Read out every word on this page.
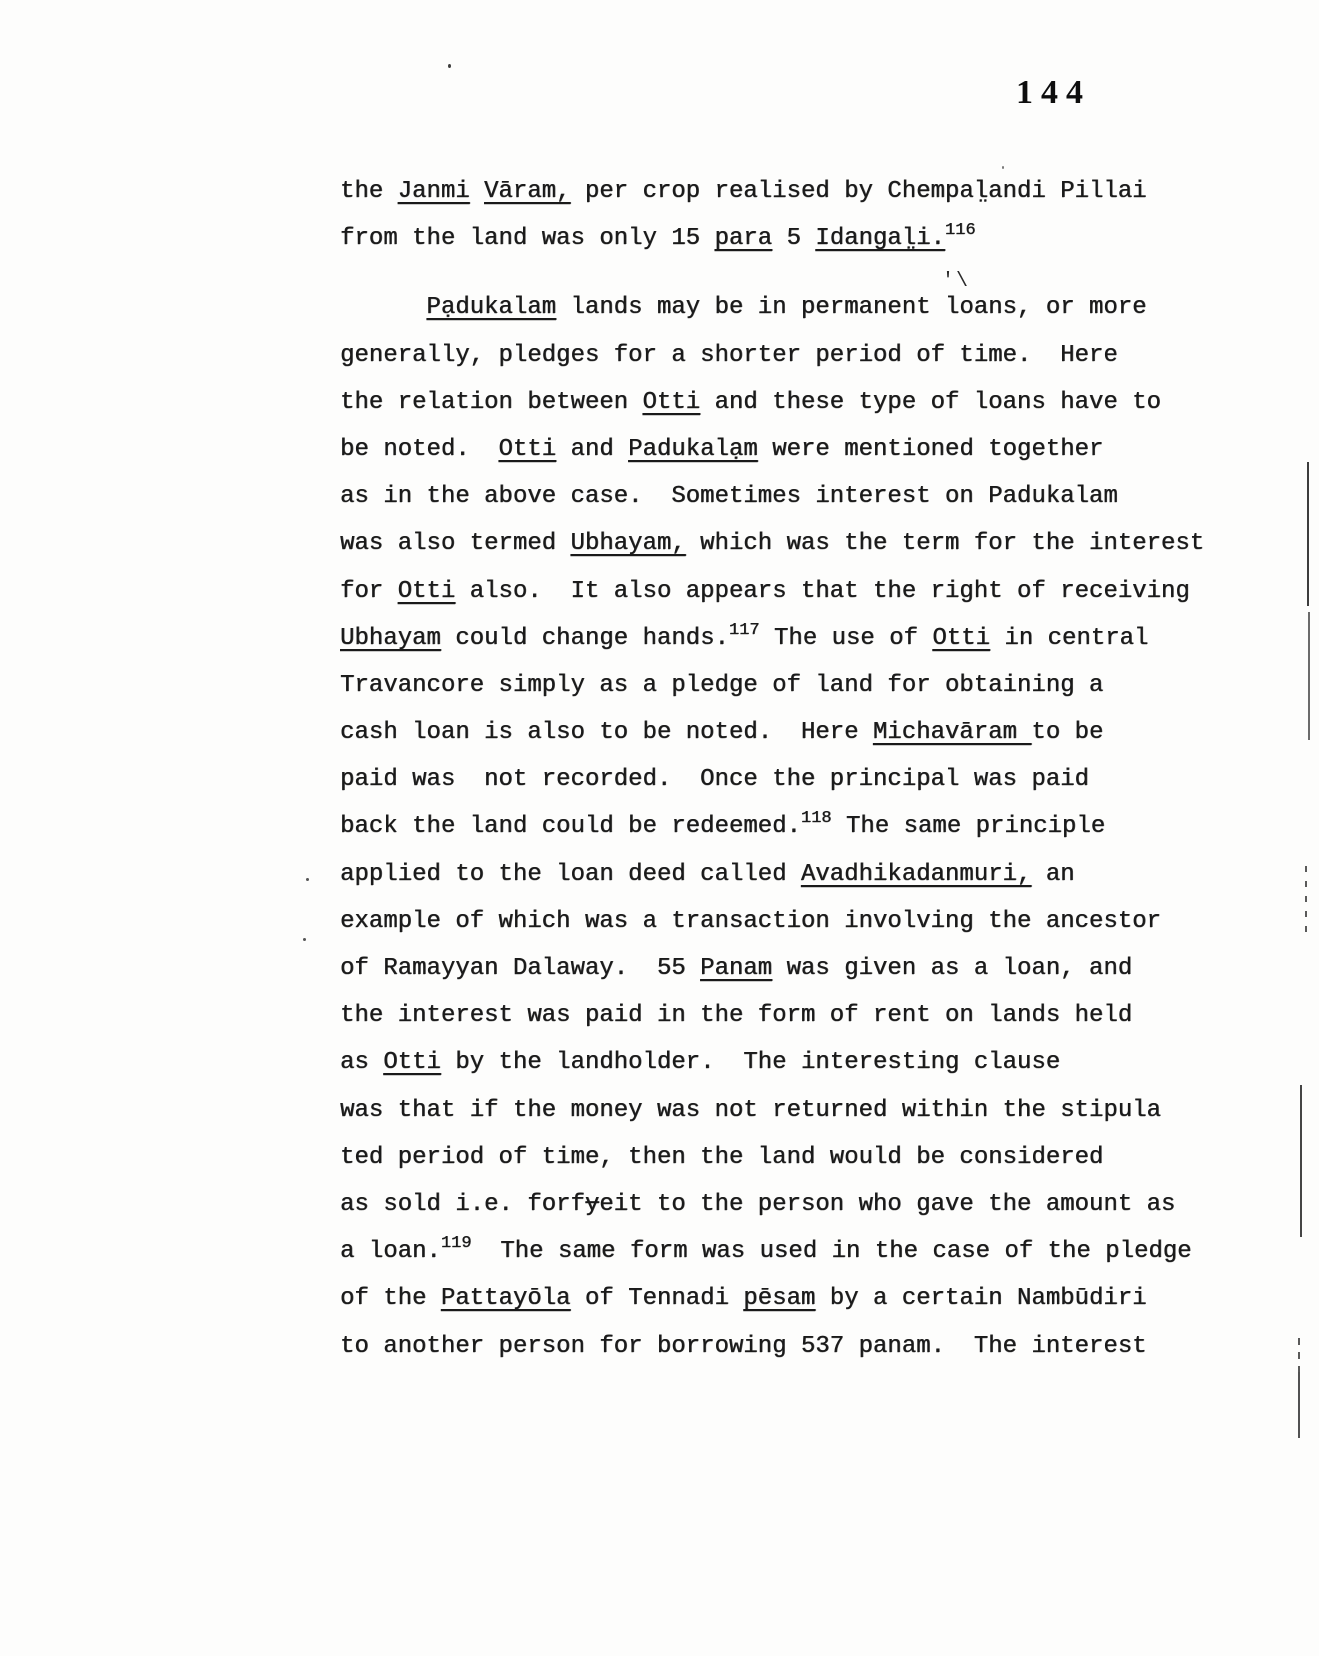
144
the Janmi Vāram, per crop realised by Chempal̤andi Pillai
from the land was only 15 para 5 Idangal̤i.$^{116}$
Pạdukalam lands may be in permanent loans, or more
generally, pledges for a shorter period of time.  Here
the relation between Otti and these type of loans have to
be noted.  Otti and Padukalạm were mentioned together
as in the above case.  Sometimes interest on Padukalam
was also termed Ubhayam, which was the term for the interest
for Otti also.  It also appears that the right of receiving
Ubhayam could change hands.$^{117}$ The use of Otti in central
Travancore simply as a pledge of land for obtaining a
cash loan is also to be noted.  Here Michavāram to be
paid was  not recorded.  Once the principal was paid
back the land could be redeemed.$^{118}$ The same principle
applied to the loan deed called Avadhikadanmuri, an
example of which was a transaction involving the ancestor
of Ramayyan Dalaway.  55 Panam was given as a loan, and
the interest was paid in the form of rent on lands held
as Otti by the landholder.  The interesting clause
was that if the money was not returned within the stipula
ted period of time, then the land would be considered
as sold i.e. forfɏeit to the person who gave the amount as
a loan.$^{119}$  The same form was used in the case of the pledge
of the Pattayōla of Tennadi pēsam by a certain Nambūdiri
to another person for borrowing 537 panam.  The interest
'\
